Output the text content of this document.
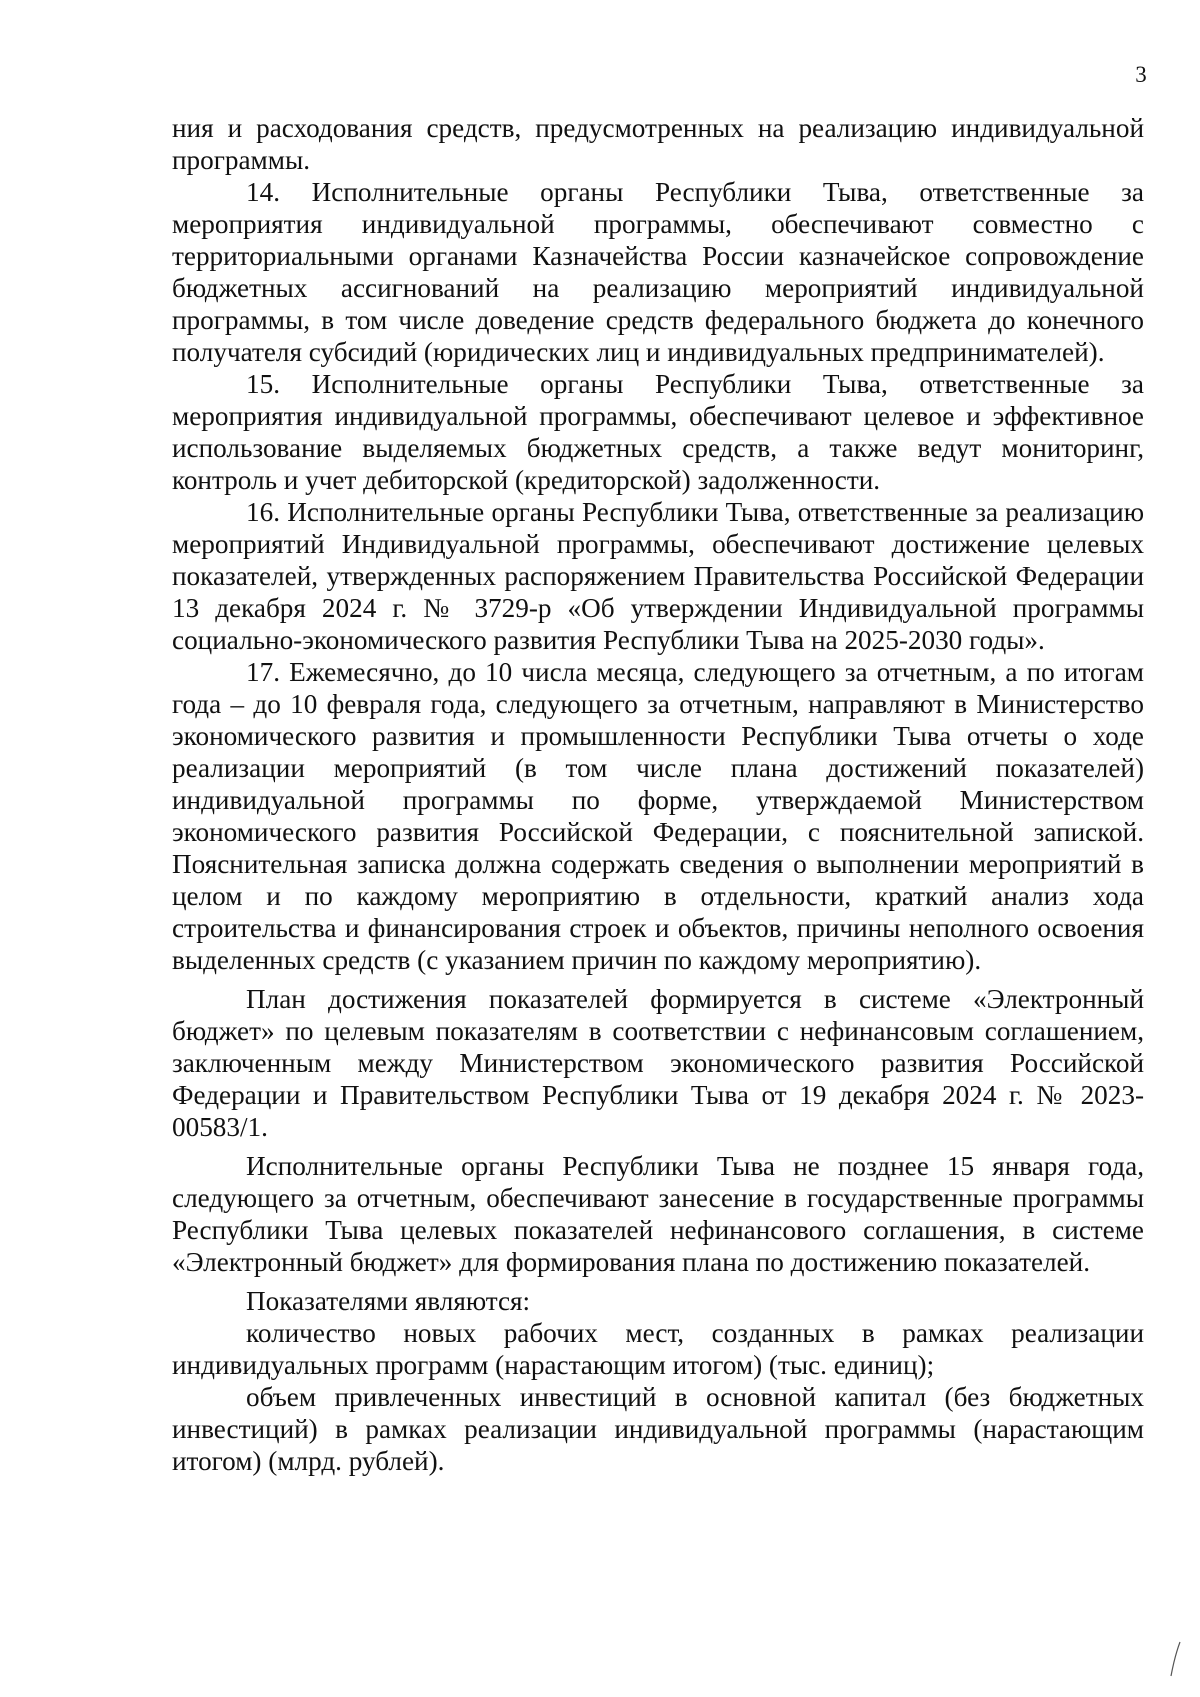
3

ния и расходования средств, предусмотренных на реализацию индивидуальной программы.

14. Исполнительные органы Республики Тыва, ответственные за мероприятия индивидуальной программы, обеспечивают совместно с территориальными органами Казначейства России казначейское сопровождение бюджетных ассигнований на реализацию мероприятий индивидуальной программы, в том числе доведение средств федерального бюджета до конечного получателя субсидий (юридических лиц и индивидуальных предпринимателей).

15. Исполнительные органы Республики Тыва, ответственные за мероприятия индивидуальной программы, обеспечивают целевое и эффективное использование выделяемых бюджетных средств, а также ведут мониторинг, контроль и учет дебиторской (кредиторской) задолженности.

16. Исполнительные органы Республики Тыва, ответственные за реализацию мероприятий Индивидуальной программы, обеспечивают достижение целевых показателей, утвержденных распоряжением Правительства Российской Федерации 13 декабря 2024 г. № 3729-р «Об утверждении Индивидуальной программы социально-экономического развития Республики Тыва на 2025-2030 годы».

17. Ежемесячно, до 10 числа месяца, следующего за отчетным, а по итогам года – до 10 февраля года, следующего за отчетным, направляют в Министерство экономического развития и промышленности Республики Тыва отчеты о ходе реализации мероприятий (в том числе плана достижений показателей) индивидуальной программы по форме, утверждаемой Министерством экономического развития Российской Федерации, с пояснительной запиской. Пояснительная записка должна содержать сведения о выполнении мероприятий в целом и по каждому мероприятию в отдельности, краткий анализ хода строительства и финансирования строек и объектов, причины неполного освоения выделенных средств (с указанием причин по каждому мероприятию).

План достижения показателей формируется в системе «Электронный бюджет» по целевым показателям в соответствии с нефинансовым соглашением, заключенным между Министерством экономического развития Российской Федерации и Правительством Республики Тыва от 19 декабря 2024 г. № 2023-00583/1.

Исполнительные органы Республики Тыва не позднее 15 января года, следующего за отчетным, обеспечивают занесение в государственные программы Республики Тыва целевых показателей нефинансового соглашения, в системе «Электронный бюджет» для формирования плана по достижению показателей.

Показателями являются:

количество новых рабочих мест, созданных в рамках реализации индивидуальных программ (нарастающим итогом) (тыс. единиц);

объем привлеченных инвестиций в основной капитал (без бюджетных инвестиций) в рамках реализации индивидуальной программы (нарастающим итогом) (млрд. рублей).
